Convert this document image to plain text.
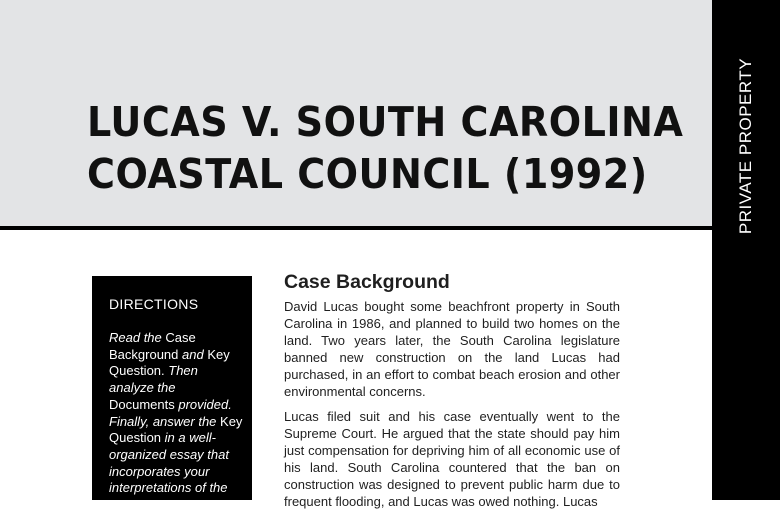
LUCAS V. SOUTH CAROLINA
COASTAL COUNCIL (1992)	PRIVATE PROPERTY
DIRECTIONS

Read the Case Background and Key Question. Then analyze the Documents provided. Finally, answer the Key Question in a well-organized essay that incorporates your interpretations of the Documents

Case Background

David Lucas bought some beachfront property in South Carolina in 1986, and planned to build two homes on the land. Two years later, the South Carolina legislature banned new construction on the land Lucas had purchased, in an effort to combat beach erosion and other environmental concerns.

Lucas filed suit and his case eventually went to the Supreme Court. He argued that the state should pay him just compensation for depriving him of all economic use of his land. South Carolina countered that the ban on construction was designed to prevent public harm due to frequent flooding, and Lucas was owed nothing. Lucas
